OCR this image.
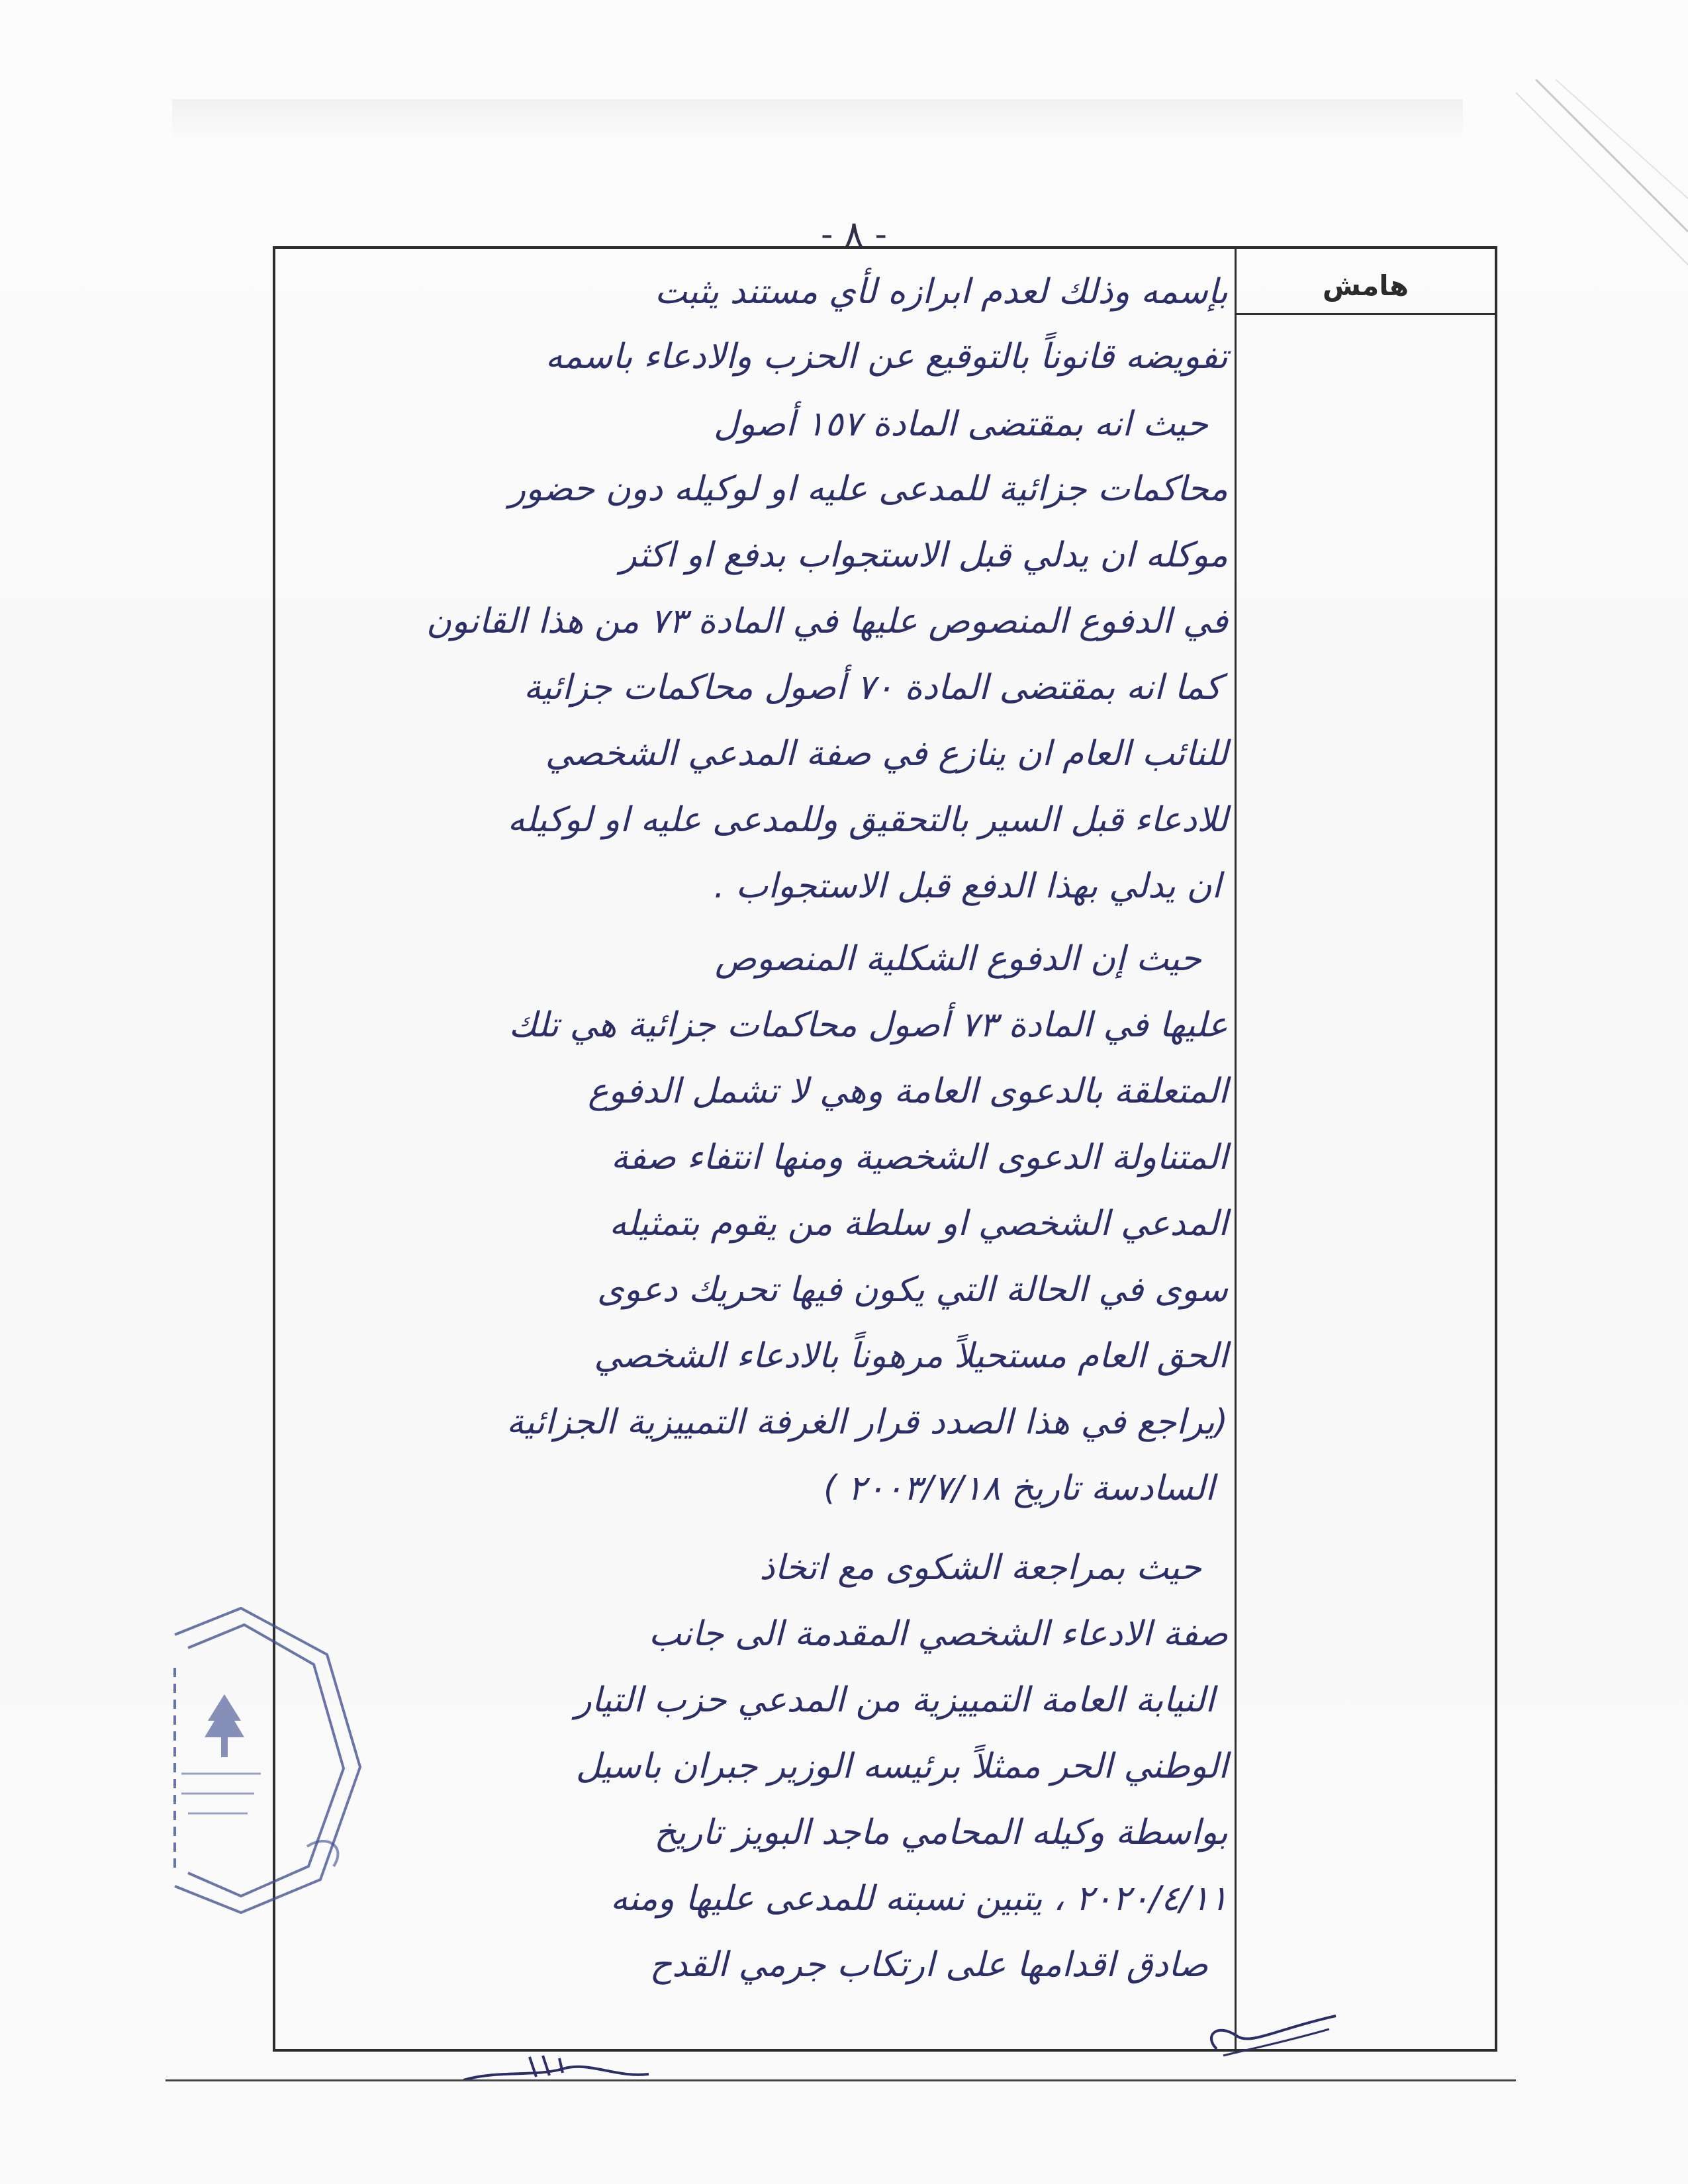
- ٨ -
هامش
بإسمه وذلك لعدم ابرازه لأي مستند يثبت
تفويضه قانوناً بالتوقيع عن الحزب والادعاء باسمه
حيث انه بمقتضى المادة ١٥٧ أصول
محاكمات جزائية للمدعى عليه او لوكيله دون حضور
موكله ان يدلي قبل الاستجواب بدفع او اكثر
في الدفوع المنصوص عليها في المادة ٧٣ من هذا القانون
كما انه بمقتضى المادة ٧٠ أصول محاكمات جزائية
للنائب العام ان ينازع في صفة المدعي الشخصي
للادعاء قبل السير بالتحقيق وللمدعى عليه او لوكيله
ان يدلي بهذا الدفع قبل الاستجواب .
حيث إن الدفوع الشكلية المنصوص
عليها في المادة ٧٣ أصول محاكمات جزائية هي تلك
المتعلقة بالدعوى العامة وهي لا تشمل الدفوع
المتناولة الدعوى الشخصية ومنها انتفاء صفة
المدعي الشخصي او سلطة من يقوم بتمثيله
سوى في الحالة التي يكون فيها تحريك دعوى
الحق العام مستحيلاً مرهوناً بالادعاء الشخصي
(يراجع في هذا الصدد قرار الغرفة التمييزية الجزائية
السادسة تاريخ ٢٠٠٣/٧/١٨ )
حيث بمراجعة الشكوى مع اتخاذ
صفة الادعاء الشخصي المقدمة الى جانب
النيابة العامة التمييزية من المدعي حزب التيار
الوطني الحر ممثلاً برئيسه الوزير جبران باسيل
بواسطة وكيله المحامي ماجد البويز تاريخ
٢٠٢٠/٤/١١ ، يتبين نسبته للمدعى عليها ومنه
صادق اقدامها على ارتكاب جرمي القدح
